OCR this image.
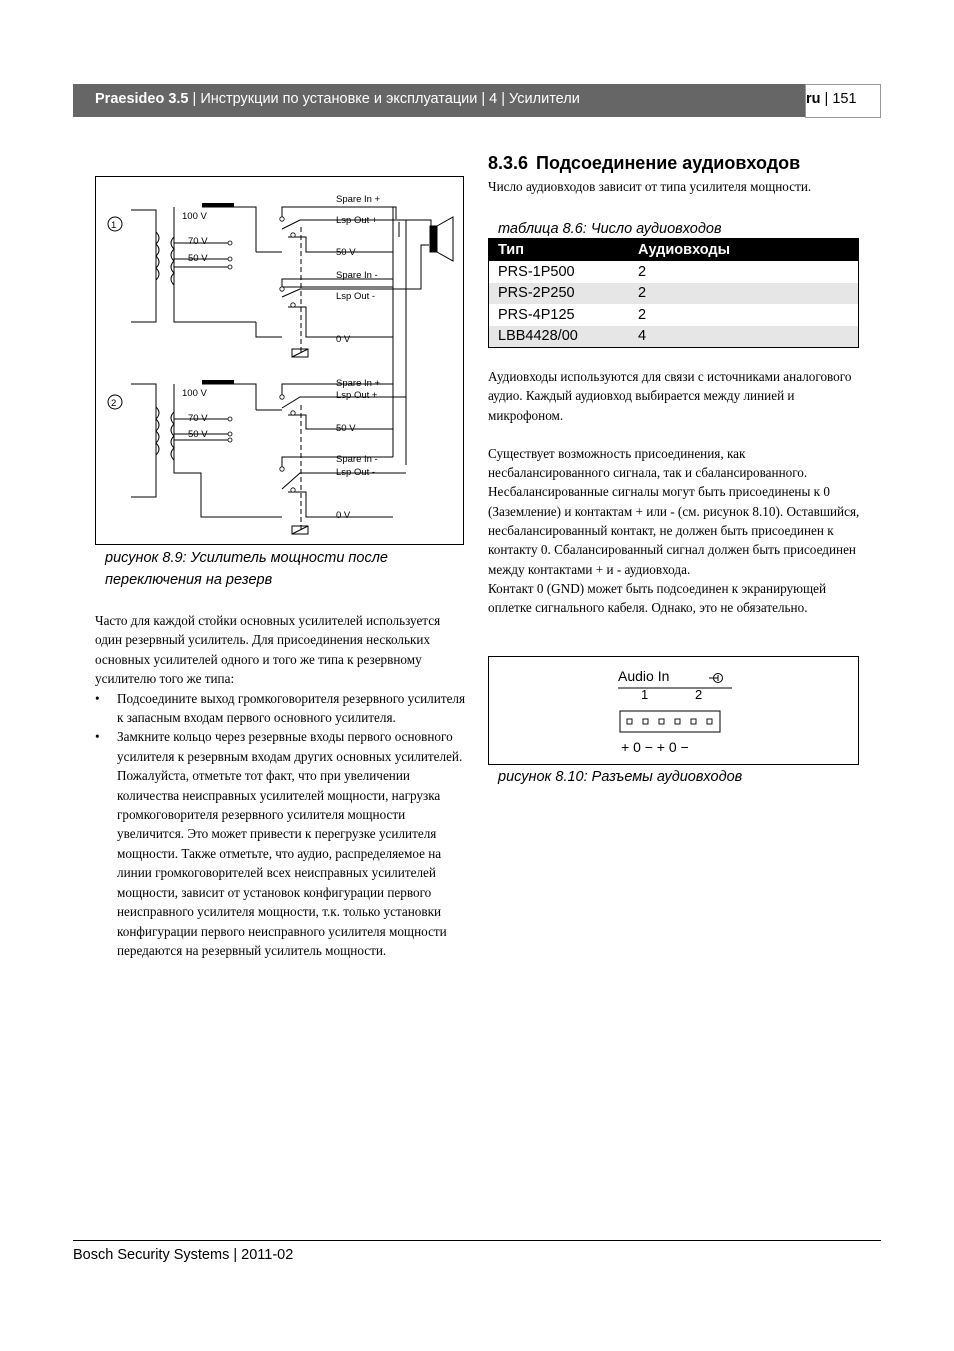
Praesideo 3.5 | Инструкции по установке и эксплуатации | 4 | Усилители	ru | 151
1
2
100 V
70 V
50 V
Spare In +
Lsp Out +
50 V
Spare In -
Lsp Out -
0 V
100 V
70 V
50 V
Spare In +
Lsp Out +
50 V
Spare In -
Lsp Out -
0 V
рисунок 8.9: Усилитель мощности после
переключения на резерв

Часто для каждой стойки основных усилителей используется один резервный усилитель. Для присоединения нескольких основных усилителей одного и того же типа к резервному усилителю того же типа:

• Подсоедините выход громкоговорителя резервного усилителя к запасным входам первого основного усилителя.
• Замкните кольцо через резервные входы первого основного усилителя к резервным входам других основных усилителей. Пожалуйста, отметьте тот факт, что при увеличении количества неисправных усилителей мощности, нагрузка громкоговорителя резервного усилителя мощности увеличится. Это может привести к перегрузке усилителя мощности. Также отметьте, что аудио, распределяемое на линии громкоговорителей всех неисправных усилителей мощности, зависит от установок конфигурации первого неисправного усилителя мощности, т.к. только установки конфигурации первого неисправного усилителя мощности передаются на резервный усилитель мощности.
8.3.6 Подсоединение аудиовходов
Число аудиовходов зависит от типа усилителя мощности.
таблица 8.6: Число аудиовходов
Тип	Аудиовходы
PRS-1P500	2
PRS-2P250	2
PRS-4P125	2
LBB4428/00	4

Аудиовходы используются для связи с источниками аналогового аудио. Каждый аудиовход выбирается между линией и микрофоном.

Существует возможность присоединения, как несбалансированного сигнала, так и сбалансированного. Несбалансированные сигналы могут быть присоединены к 0 (Заземление) и контактам + или - (см. рисунок 8.10). Оставшийся, несбалансированный контакт, не должен быть присоединен к контакту 0. Сбалансированный сигнал должен быть присоединен между контактами + и - аудиовхода.

Контакт 0 (GND) может быть подсоединен к экранирующей оплетке сигнального кабеля. Однако, это не обязательно.

Audio In
1	2
+ 0 − + 0 −
рисунок 8.10: Разъемы аудиовходов
Bosch Security Systems | 2011-02
